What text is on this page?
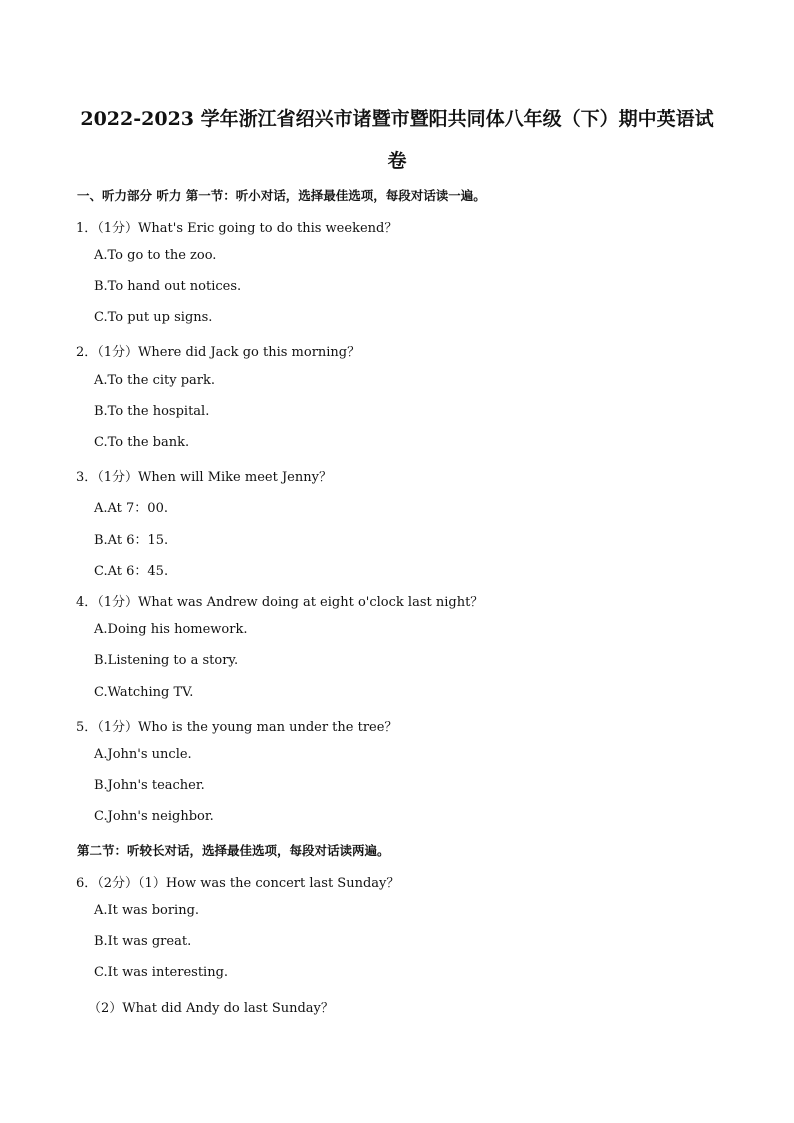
2022-2023 学年浙江省绍兴市诸暨市暨阳共同体八年级（下）期中英语试
卷
一、听力部分 听力 第一节：听小对话，选择最佳选项，每段对话读一遍。
1．（1分）What's Eric going to do this weekend？
A.To go to the zoo.
B.To hand out notices.
C.To put up signs.
2．（1分）Where did Jack go this morning？
A.To the city park.
B.To the hospital.
C.To the bank.
3．（1分）When will Mike meet Jenny？
A.At 7：00.
B.At 6：15.
C.At 6：45.
4．（1分）What was Andrew doing at eight o'clock last night？
A.Doing his homework.
B.Listening to a story.
C.Watching TV.
5．（1分）Who is the young man under the tree？
A.John's uncle.
B.John's teacher.
C.John's neighbor.
第二节：听较长对话，选择最佳选项，每段对话读两遍。
6．（2分）（1）How was the concert last Sunday？
A.It was boring.
B.It was great.
C.It was interesting.
（2）What did Andy do last Sunday？
